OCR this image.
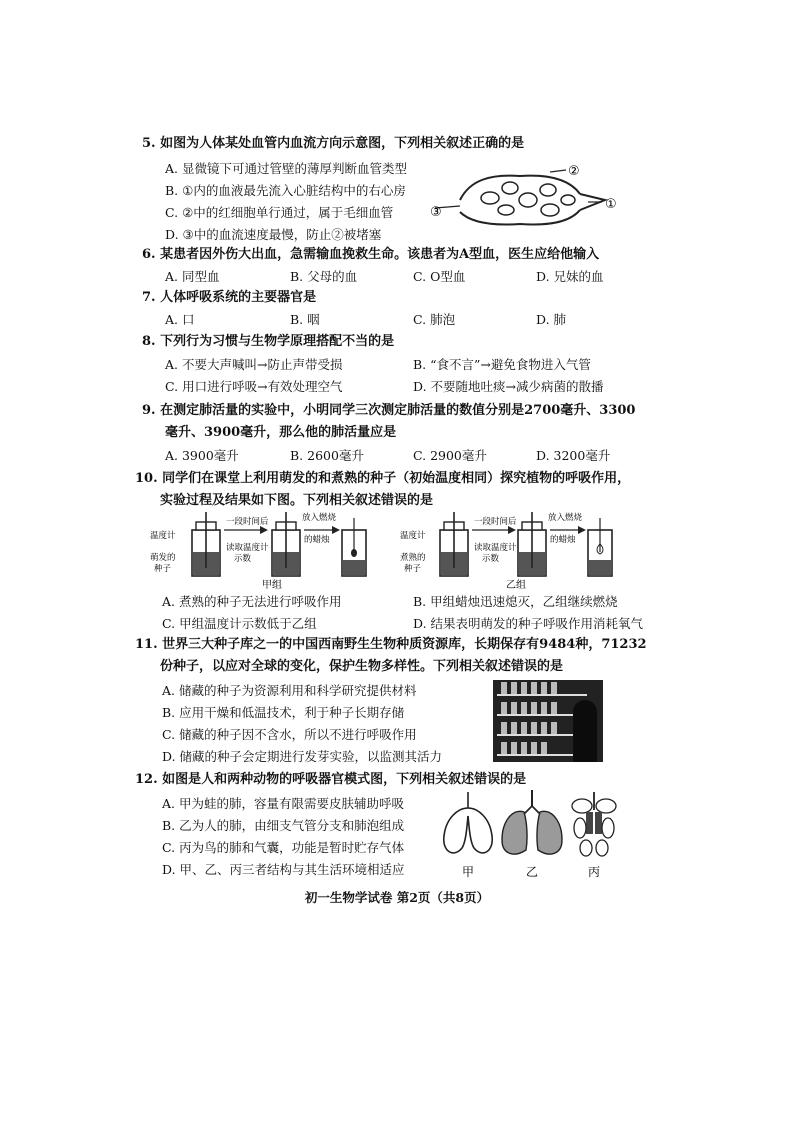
5. 如图为人体某处血管内血流方向示意图，下列相关叙述正确的是
A. 显微镜下可通过管壁的薄厚判断血管类型
B. ①内的血液最先流入心脏结构中的右心房
C. ②中的红细胞单行通过，属于毛细血管
D. ③中的血流速度最慢，防止②被堵塞
②
③
①
6. 某患者因外伤大出血，急需输血挽救生命。该患者为A型血，医生应给他输入
A. 同型血	B. 父母的血	C. O型血	D. 兄妹的血
7. 人体呼吸系统的主要器官是
A. 口	B. 咽	C. 肺泡	D. 肺
8. 下列行为习惯与生物学原理搭配不当的是
A. 不要大声喊叫→防止声带受损	B. “食不言”→避免食物进入气管
C. 用口进行呼吸→有效处理空气	D. 不要随地吐痰→减少病菌的散播
9. 在测定肺活量的实验中，小明同学三次测定肺活量的数值分别是2700毫升、3300
毫升、3900毫升，那么他的肺活量应是
A. 3900毫升	B. 2600毫升	C. 2900毫升	D. 3200毫升
10. 同学们在课堂上利用萌发的和煮熟的种子（初始温度相同）探究植物的呼吸作用，
实验过程及结果如下图。下列相关叙述错误的是
温度计
萌发的
种子
一段时间后
读取温度计
示数
放入燃烧
的蜡烛
甲组
温度计
煮熟的
种子
一段时间后
读取温度计
示数
放入燃烧
的蜡烛
乙组
A. 煮熟的种子无法进行呼吸作用	B. 甲组蜡烛迅速熄灭，乙组继续燃烧
C. 甲组温度计示数低于乙组	D. 结果表明萌发的种子呼吸作用消耗氧气
11. 世界三大种子库之一的中国西南野生生物种质资源库，长期保存有9484种，71232
份种子，以应对全球的变化，保护生物多样性。下列相关叙述错误的是
A. 储藏的种子为资源利用和科学研究提供材料
B. 应用干燥和低温技术，利于种子长期存储
C. 储藏的种子因不含水，所以不进行呼吸作用
D. 储藏的种子会定期进行发芽实验，以监测其活力
12. 如图是人和两种动物的呼吸器官模式图，下列相关叙述错误的是
A. 甲为蛙的肺，容量有限需要皮肤辅助呼吸
B. 乙为人的肺，由细支气管分支和肺泡组成
C. 丙为鸟的肺和气囊，功能是暂时贮存气体
D. 甲、乙、丙三者结构与其生活环境相适应	甲	乙	丙
初一生物学试卷 第2页（共8页）
